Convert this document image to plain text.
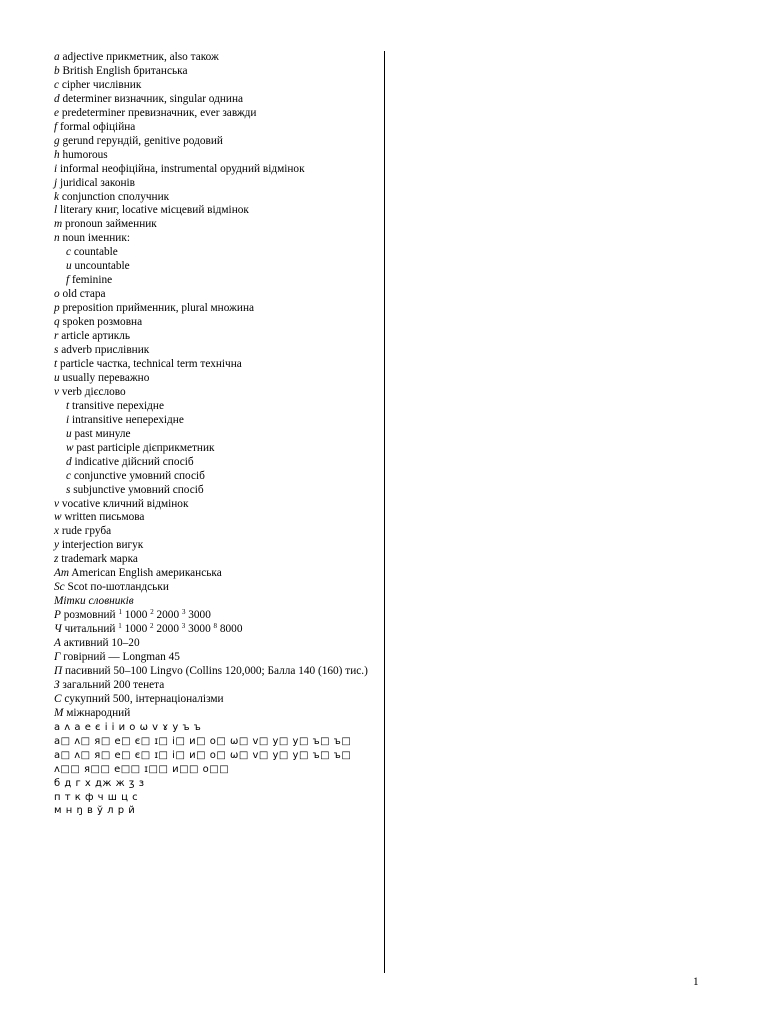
a adjective прикметник, also також
b British English британська
c cipher числівник
d determiner визначник, singular однина
e predeterminer превизначник, ever завжди
f formal офіційна
g gerund герундій, genitive родовий
h humorous
i informal неофіційна, instrumental орудний відмінок
j juridical законів
k conjunction сполучник
l literary книг, locative місцевий відмінок
m pronoun займенник
n noun іменник:
c countable
u uncountable
f feminine
o old стара
p preposition прийменник, plural множина
q spoken розмовна
r article артикль
s adverb прислівник
t particle частка, technical term технічна
u usually переважно
v verb дієслово
t transitive перехідне
i intransitive неперехідне
u past минуле
w past participle дієприкметник
d indicative дійсний спосіб
c conjunctive умовний спосіб
s subjunctive умовний спосіб
v vocative кличний відмінок
w written письмова
x rude груба
y interjection вигук
z trademark марка
Am American English американська
Sc Scot по-шотландськи
Мітки словників
Р розмовний $^1$ 1000 $^2$ 2000 $^3$ 3000
Ч читальний $^1$ 1000 $^2$ 2000 $^3$ 3000 $^8$ 8000
А активний 10–20
Г говірний — Longman 45
П пасивний 50–100 Lingvo (Collins 120,000; Балла 140 (160) тис.)
З загальний 200 тенета
С сукупний 500, інтернаціоналізми
М міжнародний
а ʌ а е є і і и о ω v ɤ у ъ ъ
а□ ʌ□ я□ е□ є□ ɪ□ і□ и□ о□ ω□ v□ у□ у□ ъ□ ъ□
а□ ʌ□ я□ е□ є□ ɪ□ і□ и□ о□ ω□ v□ у□ у□ ъ□ ъ□
ʌ□□ я□□ е□□ ɪ□□ и□□ о□□
б д г х дж ж ʒ з
п т к ф ч ш ц с
м н ŋ в ў л р й
1
